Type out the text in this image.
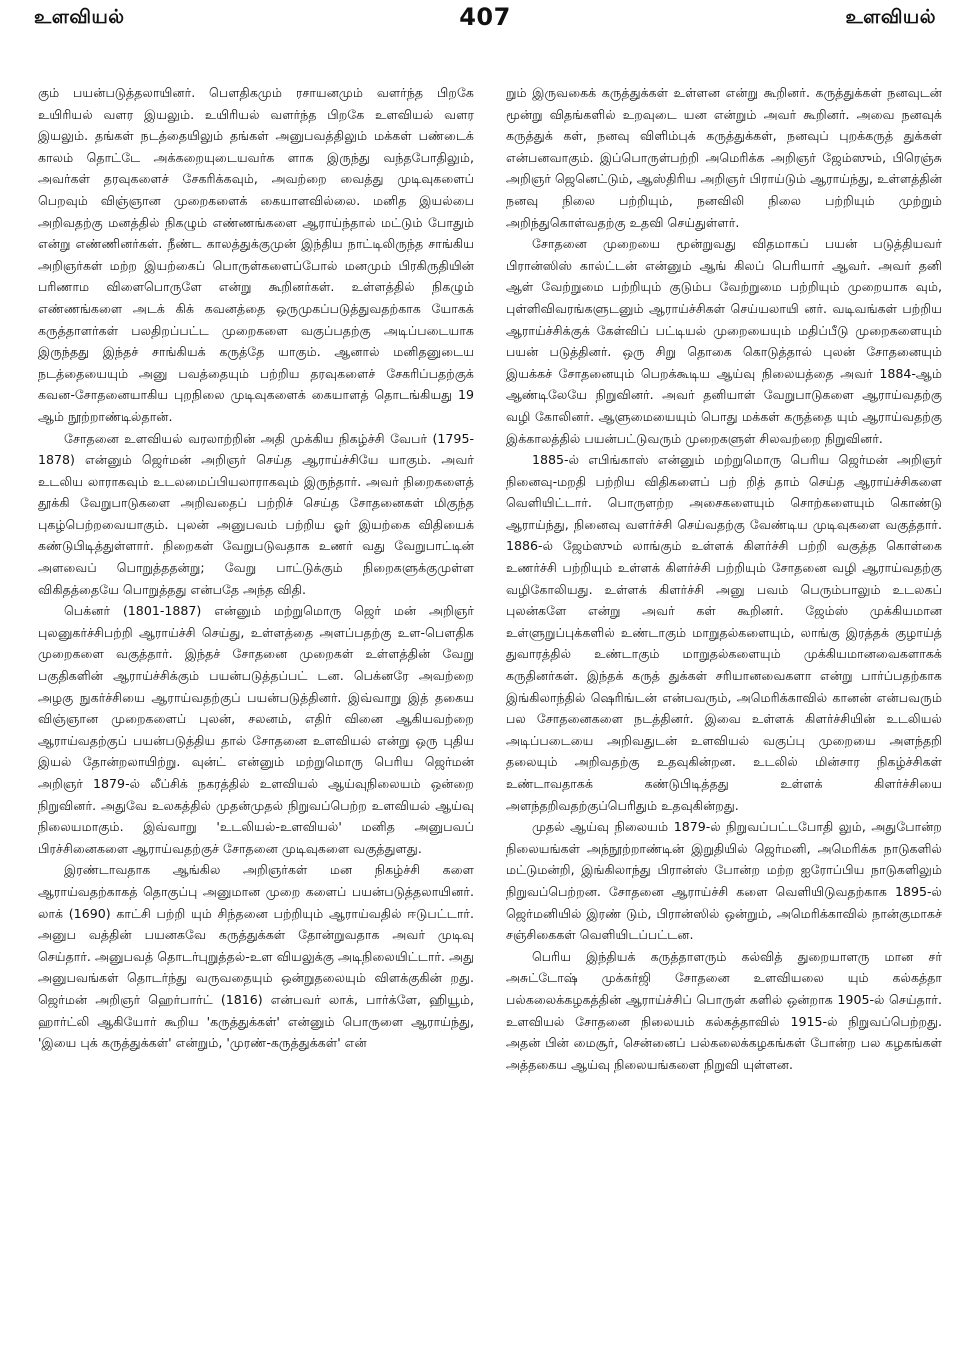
உளவியல்	407	உளவியல்

கும் பயன்படுத்தலாயினர். பௌதிகமும் ரசாயனமும் வளர்ந்த பிறகே உயிரியல் வளர இயலும். உயிரியல் வளர்ந்த பிறகே உளவியல் வளர இயலும். தங்கள் நடத்தையிலும் தங்கள் அனுபவத்திலும் மக்கள் பண்டைக் காலம் தொட்டே அக்கறையுடையவர்க ளாக இருந்து வந்தபோதிலும், அவர்கள் தரவுகளைச் சேகரிக்கவும், அவற்றை வைத்து முடிவுகளைப் பெறவும் விஞ்ஞான முறைகளைக் கையாளவில்லை. மனித இயல்பை அறிவதற்கு மனத்தில் நிகழும் எண்ணங்களை ஆராய்ந்தால் மட்டும் போதும் என்று எண்ணினர்கள். நீண்ட காலத்துக்குமுன் இந்திய நாட்டிலிருந்த சாங்கிய அறிஞர்கள் மற்ற இயற்கைப் பொருள்களைப்போல் மனமும் பிரகிருதியின் பரிணாம விளைபொருளே என்று கூறினர்கள். உள்ளத்தில் நிகழும் எண்ணங்களை அடக் கிக் கவனத்தை ஒருமுகப்படுத்துவதற்காக யோகக் கருத்தாளர்கள் பலதிறப்பட்ட முறைகளை வகுப்பதற்கு அடிப்படையாக இருந்தது இந்தச் சாங்கியக் கருத்தே யாகும். ஆனால் மனிதனுடைய நடத்தையையும் அனு பவத்தையும் பற்றிய தரவுகளைச் சேகரிப்பதற்குக் கவன-சோதனையாகிய புறநிலை முடிவுகளைக் கையாளத் தொடங்கியது 19 ஆம் நூற்றாண்டில்தான்.

சோதனை உளவியல் வரலாற்றின் அதி முக்கிய நிகழ்ச்சி வேபர் (1795-1878) என்னும் ஜெர்மன் அறிஞர் செய்த ஆராய்ச்சியே யாகும். அவர் உடலிய லாராகவும் உடலமைப்பியலாராகவும் இருந்தார். அவர் நிறைகளைத் தூக்கி வேறுபாடுகளை அறிவதைப் பற்றிச் செய்த சோதனைகள் மிகுந்த புகழ்பெற்றவையாகும். புலன் அனுபவம் பற்றிய ஓர் இயற்கை விதியைக் கண்டுபிடித்துள்ளார். நிறைகள் வேறுபடுவதாக உணர் வது வேறுபாட்டின் அளவைப் பொறுத்ததன்று; வேறு பாட்டுக்கும் நிறைகளுக்குமுள்ள விகிதத்தையே பொறுத்தது என்பதே அந்த விதி.

பெக்னர் (1801-1887) என்னும் மற்றுமொரு ஜெர் மன் அறிஞர் புலனுகர்ச்சிபற்றி ஆராய்ச்சி செய்து, உள்ளத்தை அளப்பதற்கு உள-பௌதிக முறைகளை வகுத்தார். இந்தச் சோதனை முறைகள் உள்ளத்தின் வேறு பகுதிகளின் ஆராய்ச்சிக்கும் பயன்படுத்தப்பட் டன. பெக்னரே அவற்றை அழகு நுகர்ச்சியை ஆராய்வதற்குப் பயன்படுத்தினர். இவ்வாறு இத் தகைய விஞ்ஞான முறைகளைப் புலன், சலனம், எதிர் வினை ஆகியவற்றை ஆராய்வதற்குப் பயன்படுத்திய தால் சோதனை உளவியல் என்று ஒரு புதிய இயல் தோன்றலாயிற்று. வுன்ட் என்னும் மற்றுமொரு பெரிய ஜெர்மன் அறிஞர் 1879-ல் லீப்சிக் நகரத்தில் உளவியல் ஆய்வுநிலையம் ஒன்றை நிறுவினர். அதுவே உலகத்தில் முதன்முதல் நிறுவப்பெற்ற உளவியல் ஆய்வு நிலையமாகும். இவ்வாறு 'உடலியல்-உளவியல்' மனித அனுபவப் பிரச்சினைகளை ஆராய்வதற்குச் சோதனை முடிவுகளை வகுத்துளது.

இரண்டாவதாக ஆங்கில அறிஞர்கள் மன நிகழ்ச்சி களை ஆராய்வதற்காகத் தொகுப்பு அனுமான முறை களைப் பயன்படுத்தலாயினர். லாக் (1690) காட்சி பற்றி யும் சிந்தனை பற்றியும் ஆராய்வதில் ஈடுபட்டார். அனுப வத்தின் பயனகவே கருத்துக்கள் தோன்றுவதாக அவர் முடிவு செய்தார். அனுபவத் தொடர்புறுத்தல்-உள வியலுக்கு அடிநிலையிட்டார். அது அனுபவங்கள் தொடர்ந்து வருவதையும் ஒன்றுதலையும் விளக்குகின் றது. ஜெர்மன் அறிஞர் ஹெர்பார்ட் (1816) என்பவர் லாக், பார்க்ளே, ஹியூம், ஹார்ட்லி ஆகியோர் கூறிய 'கருத்துக்கள்' என்னும் பொருளை ஆராய்ந்து, 'இயை புக் கருத்துக்கள்' என்றும், 'முரண்-கருத்துக்கள்' என்

றும் இருவகைக் கருத்துக்கள் உள்ளன என்று கூறினர். கருத்துக்கள் நனவுடன் மூன்று விதங்களில் உறவுடை யன என்றும் அவர் கூறினர். அவை நனவுக் கருத்துக் கள், நனவு விளிம்புக் கருத்துக்கள், நனவுப் புறக்கருத் துக்கள் என்பனவாகும். இப்பொருள்பற்றி அமெரிக்க அறிஞர் ஜேம்ஸும், பிரெஞ்சு அறிஞர் ஜெனெட்டும், ஆஸ்திரிய அறிஞர் பிராய்டும் ஆராய்ந்து, உள்ளத்தின் நனவு நிலை பற்றியும், நனவிலி நிலை பற்றியும் முற்றும் அறிந்துகொள்வதற்கு உதவி செய்துள்ளர்.

சோதனை முறையை மூன்றுவது விதமாகப் பயன் படுத்தியவர் பிரான்ஸிஸ் கால்ட்டன் என்னும் ஆங் கிலப் பெரியார் ஆவர். அவர் தனி ஆள் வேற்றுமை பற்றியும் குடும்ப வேற்றுமை பற்றியும் முறையாக வும், புள்ளிவிவரங்களுடனும் ஆராய்ச்சிகள் செய்யலாயி னர். வடிவங்கள் பற்றிய ஆராய்ச்சிக்குக் கேள்விப் பட்டியல் முறையையும் மதிப்பீடு முறைகளையும் பயன் படுத்தினர். ஒரு சிறு தொகை கொடுத்தால் புலன் சோதனையும் இயக்கச் சோதனையும் பெறக்கூடிய ஆய்வு நிலையத்தை அவர் 1884-ஆம் ஆண்டிலேயே நிறுவினர். அவர் தனியாள் வேறுபாடுகளை ஆராய்வதற்கு வழி கோலினர். ஆளுமையையும் பொது மக்கள் கருத்தை யும் ஆராய்வதற்கு இக்காலத்தில் பயன்பட்டுவரும் முறைகளுள் சிலவற்றை நிறுவினர்.

1885-ல் எபிங்காஸ் என்னும் மற்றுமொரு பெரிய ஜெர்மன் அறிஞர் நினைவு-மறதி பற்றிய விதிகளைப் பற் றித் தாம் செய்த ஆராய்ச்சிகளை வெளியிட்டார். பொருளற்ற அசைகளையும் சொற்களையும் கொண்டு ஆராய்ந்து, நினைவு வளர்ச்சி செய்வதற்கு வேண்டிய முடிவுகளை வகுத்தார். 1886-ல் ஜேம்ஸும் லாங்கும் உள்ளக் கிளர்ச்சி பற்றி வகுத்த கொள்கை உணர்ச்சி பற்றியும் உள்ளக் கிளர்ச்சி பற்றியும் சோதனை வழி ஆராய்வதற்கு வழிகோலியது. உள்ளக் கிளர்ச்சி அனு பவம் பெரும்பாலும் உடலகப் புலன்களே என்று அவர் கள் கூறினர். ஜேம்ஸ் முக்கியமான உள்ளுறுப்புக்களில் உண்டாகும் மாறுதல்களையும், லாங்கு இரத்தக் குழாய்த் துவாரத்தில் உண்டாகும் மாறுதல்களையும் முக்கியமானவைகளாகக் கருதினர்கள். இந்தக் கருத் துக்கள் சரியானவைகளா என்று பார்ப்பதற்காக இங்கிலாந்தில் ஷெரிங்டன் என்பவரும், அமெரிக்காவில் கானன் என்பவரும் பல சோதனைகளை நடத்தினர். இவை உள்ளக் கிளர்ச்சியின் உடலியல் அடிப்படையை அறிவதுடன் உளவியல் வகுப்பு முறையை அளந்தறி தலையும் அறிவதற்கு உதவுகின்றன. உடலில் மின்சார நிகழ்ச்சிகள் உண்டாவதாகக் கண்டுபிடித்தது உள்ளக் கிளர்ச்சியை அளந்தறிவதற்குப்பெரிதும் உதவுகின்றது.

முதல் ஆய்வு நிலையம் 1879-ல் நிறுவப்பட்டபோதி லும், அதுபோன்ற நிலையங்கள் அந்நூற்றாண்டின் இறுதியில் ஜெர்மனி, அமெரிக்க நாடுகளில் மட்டுமன்றி, இங்கிலாந்து பிரான்ஸ் போன்ற மற்ற ஐரோப்பிய நாடுகளிலும் நிறுவப்பெற்றன. சோதனை ஆராய்ச்சி களை வெளியிடுவதற்காக 1895-ல் ஜெர்மனியில் இரண் டும், பிரான்ஸில் ஒன்றும், அமெரிக்காவில் நான்குமாகச் சஞ்சிகைகள் வெளியிடப்பட்டன.

பெரிய இந்தியக் கருத்தாளரும் கல்வித் துறையாளரு மான சர் அசுட்டோஷ் முக்கர்ஜி சோதனை உளவியலை யும் கல்கத்தா பல்கலைக்கழகத்தின் ஆராய்ச்சிப் பொருள் களில் ஒன்றாக 1905-ல் செய்தார். உளவியல் சோதனை நிலையம் கல்கத்தாவில் 1915-ல் நிறுவப்பெற்றது. அதன் பின் மைசூர், சென்னைப் பல்கலைக்கழகங்கள் போன்ற பல கழகங்கள் அத்தகைய ஆய்வு நிலையங்களை நிறுவி யுள்ளன.
